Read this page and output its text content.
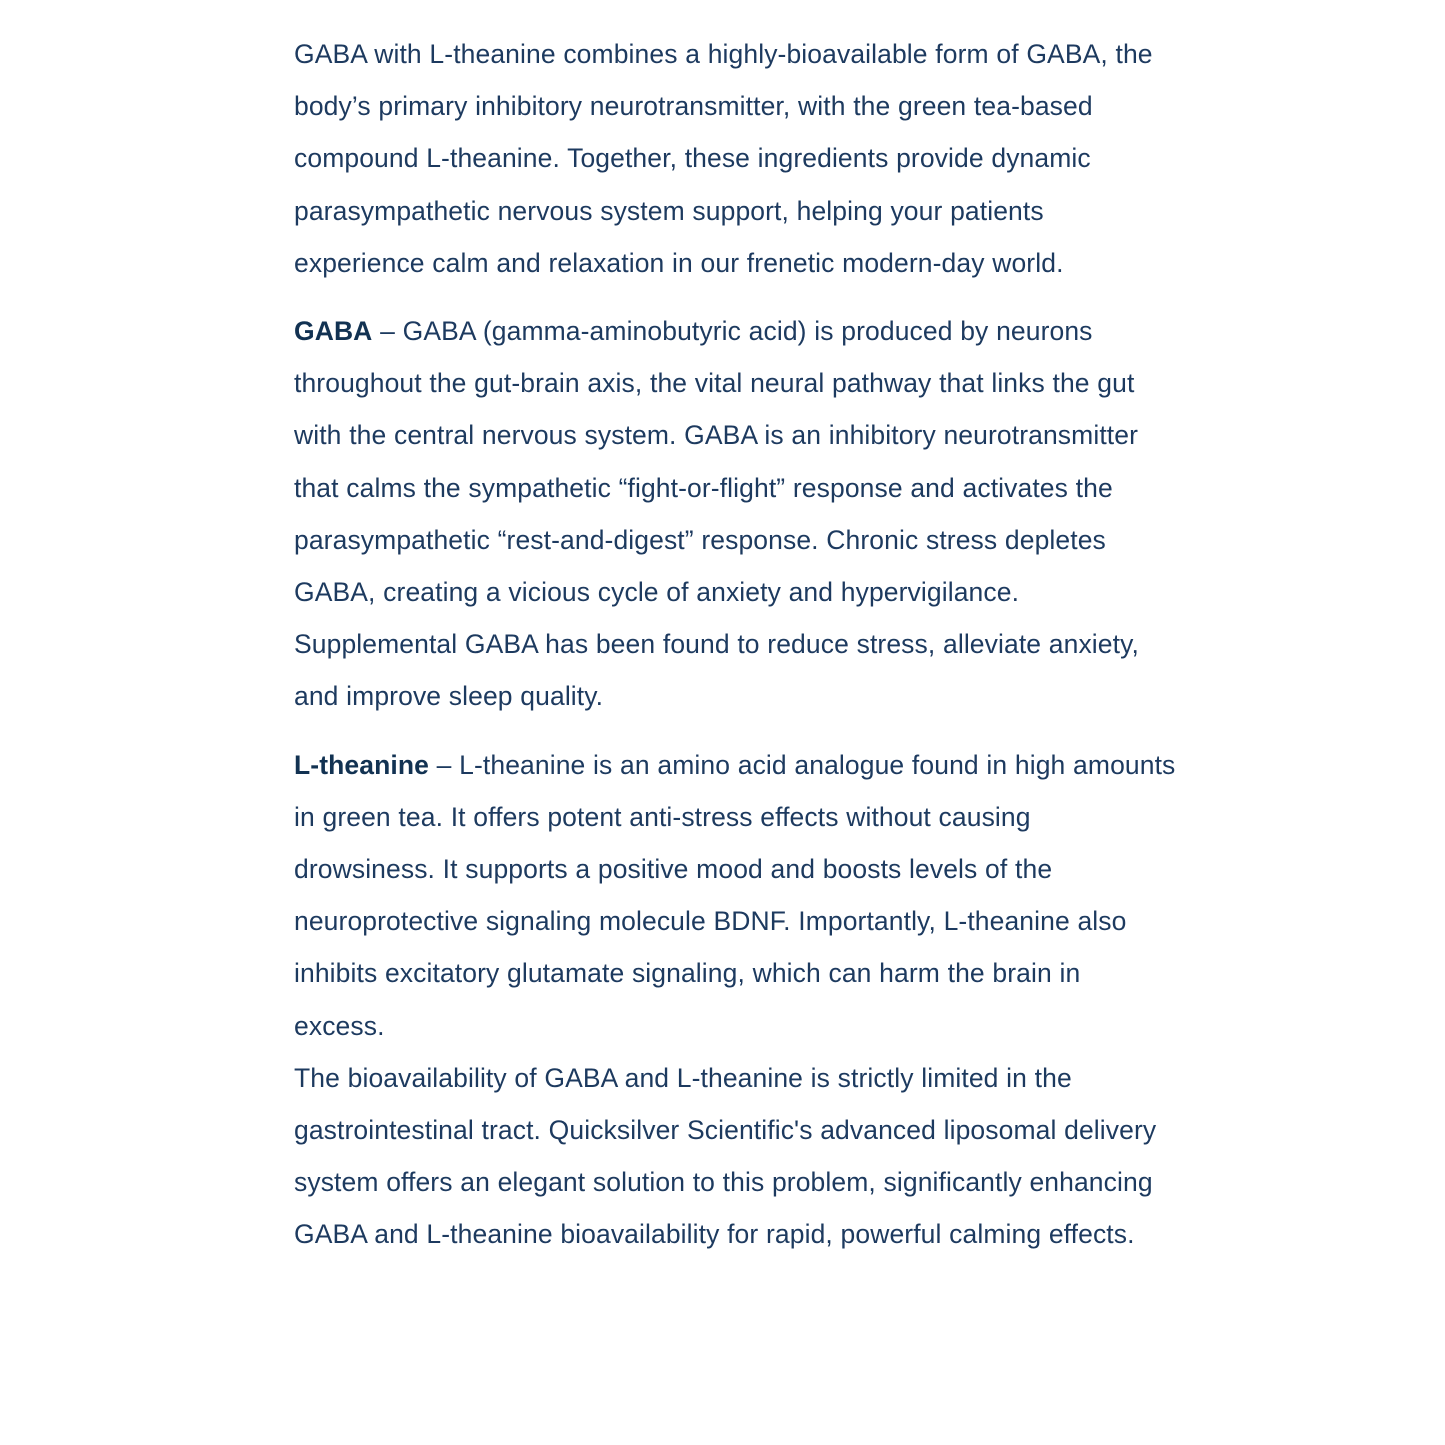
GABA with L-theanine combines a highly-bioavailable form of GABA, the body’s primary inhibitory neurotransmitter, with the green tea-based compound L-theanine. Together, these ingredients provide dynamic parasympathetic nervous system support, helping your patients experience calm and relaxation in our frenetic modern-day world.

GABA – GABA (gamma-aminobutyric acid) is produced by neurons throughout the gut-brain axis, the vital neural pathway that links the gut with the central nervous system. GABA is an inhibitory neurotransmitter that calms the sympathetic “fight-or-flight” response and activates the parasympathetic “rest-and-digest” response. Chronic stress depletes GABA, creating a vicious cycle of anxiety and hypervigilance. Supplemental GABA has been found to reduce stress, alleviate anxiety, and improve sleep quality.

L-theanine – L-theanine is an amino acid analogue found in high amounts in green tea. It offers potent anti-stress effects without causing drowsiness. It supports a positive mood and boosts levels of the neuroprotective signaling molecule BDNF. Importantly, L-theanine also inhibits excitatory glutamate signaling, which can harm the brain in excess.
The bioavailability of GABA and L-theanine is strictly limited in the gastrointestinal tract. Quicksilver Scientific's advanced liposomal delivery system offers an elegant solution to this problem, significantly enhancing GABA and L-theanine bioavailability for rapid, powerful calming effects.
